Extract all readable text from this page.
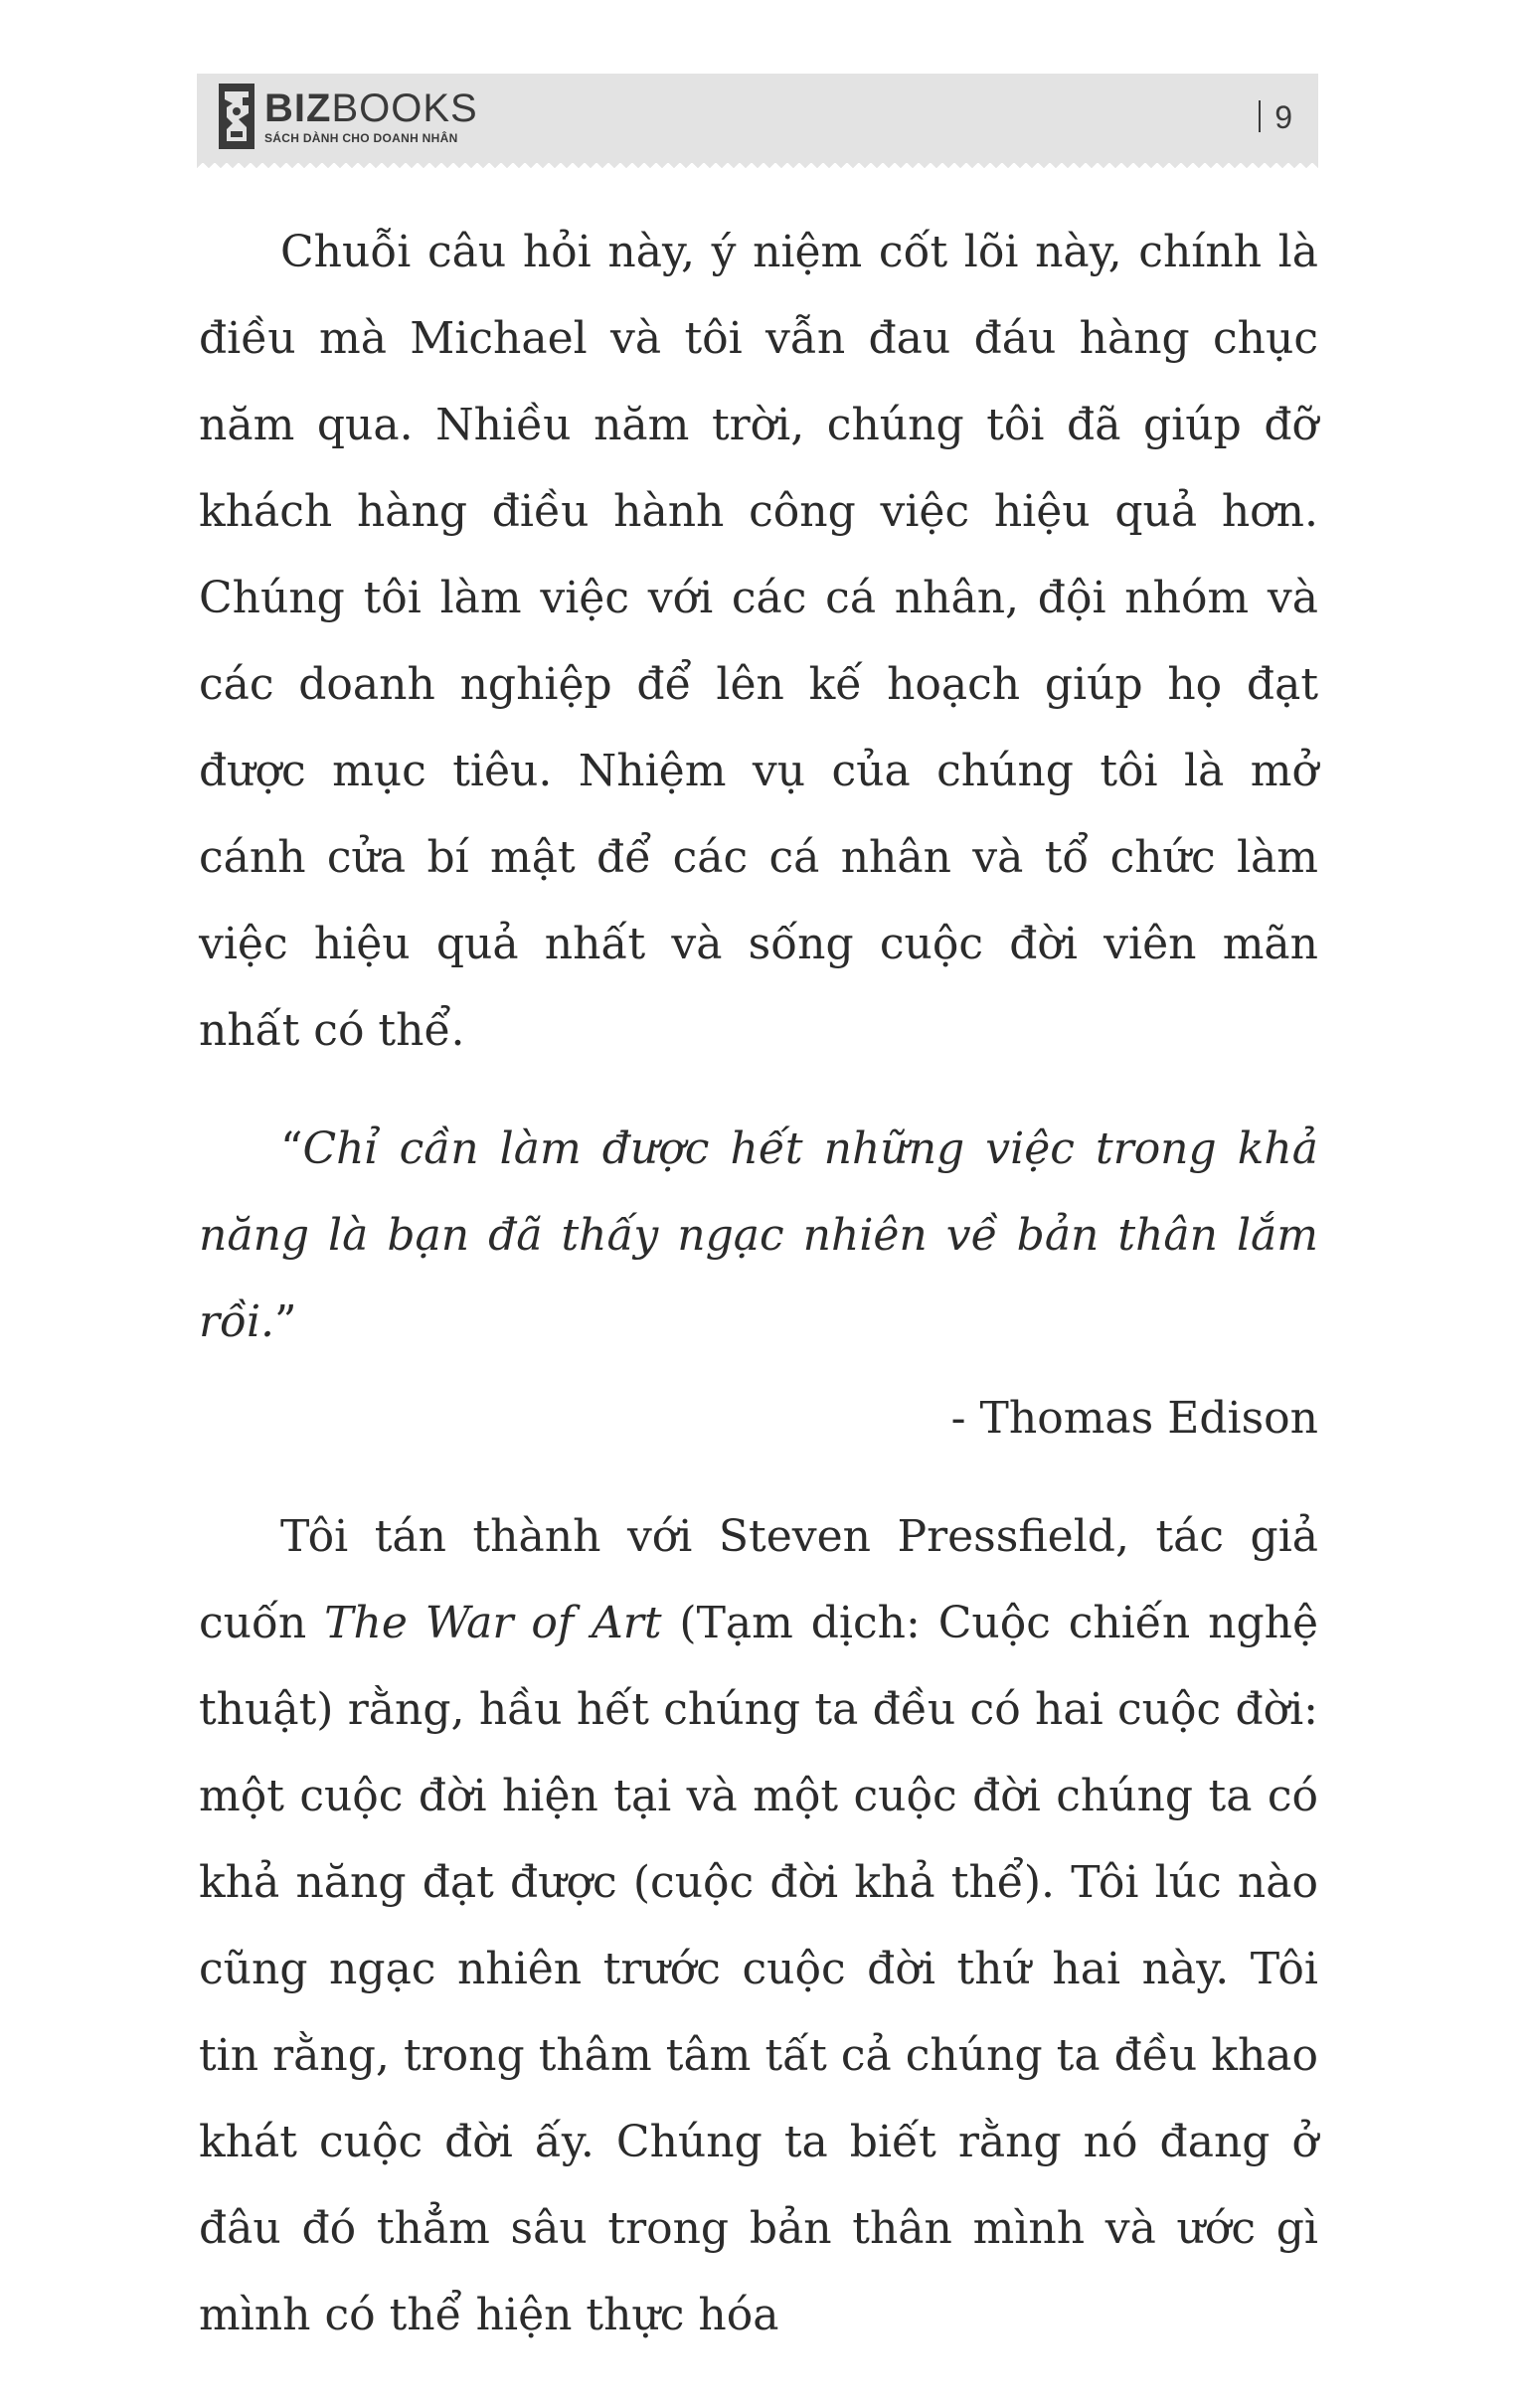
BIZBOOKS
SÁCH DÀNH CHO DOANH NHÂN
9

Chuỗi câu hỏi này, ý niệm cốt lõi này, chính là điều mà Michael và tôi vẫn đau đáu hàng chục năm qua. Nhiều năm trời, chúng tôi đã giúp đỡ khách hàng điều hành công việc hiệu quả hơn. Chúng tôi làm việc với các cá nhân, đội nhóm và các doanh nghiệp để lên kế hoạch giúp họ đạt được mục tiêu. Nhiệm vụ của chúng tôi là mở cánh cửa bí mật để các cá nhân và tổ chức làm việc hiệu quả nhất và sống cuộc đời viên mãn nhất có thể.

“Chỉ cần làm được hết những việc trong khả năng là bạn đã thấy ngạc nhiên về bản thân lắm rồi.”

- Thomas Edison

Tôi tán thành với Steven Pressfield, tác giả cuốn The War of Art (Tạm dịch: Cuộc chiến nghệ thuật) rằng, hầu hết chúng ta đều có hai cuộc đời: một cuộc đời hiện tại và một cuộc đời chúng ta có khả năng đạt được (cuộc đời khả thể). Tôi lúc nào cũng ngạc nhiên trước cuộc đời thứ hai này. Tôi tin rằng, trong thâm tâm tất cả chúng ta đều khao khát cuộc đời ấy. Chúng ta biết rằng nó đang ở đâu đó thẳm sâu trong bản thân mình và ước gì mình có thể hiện thực hóa
